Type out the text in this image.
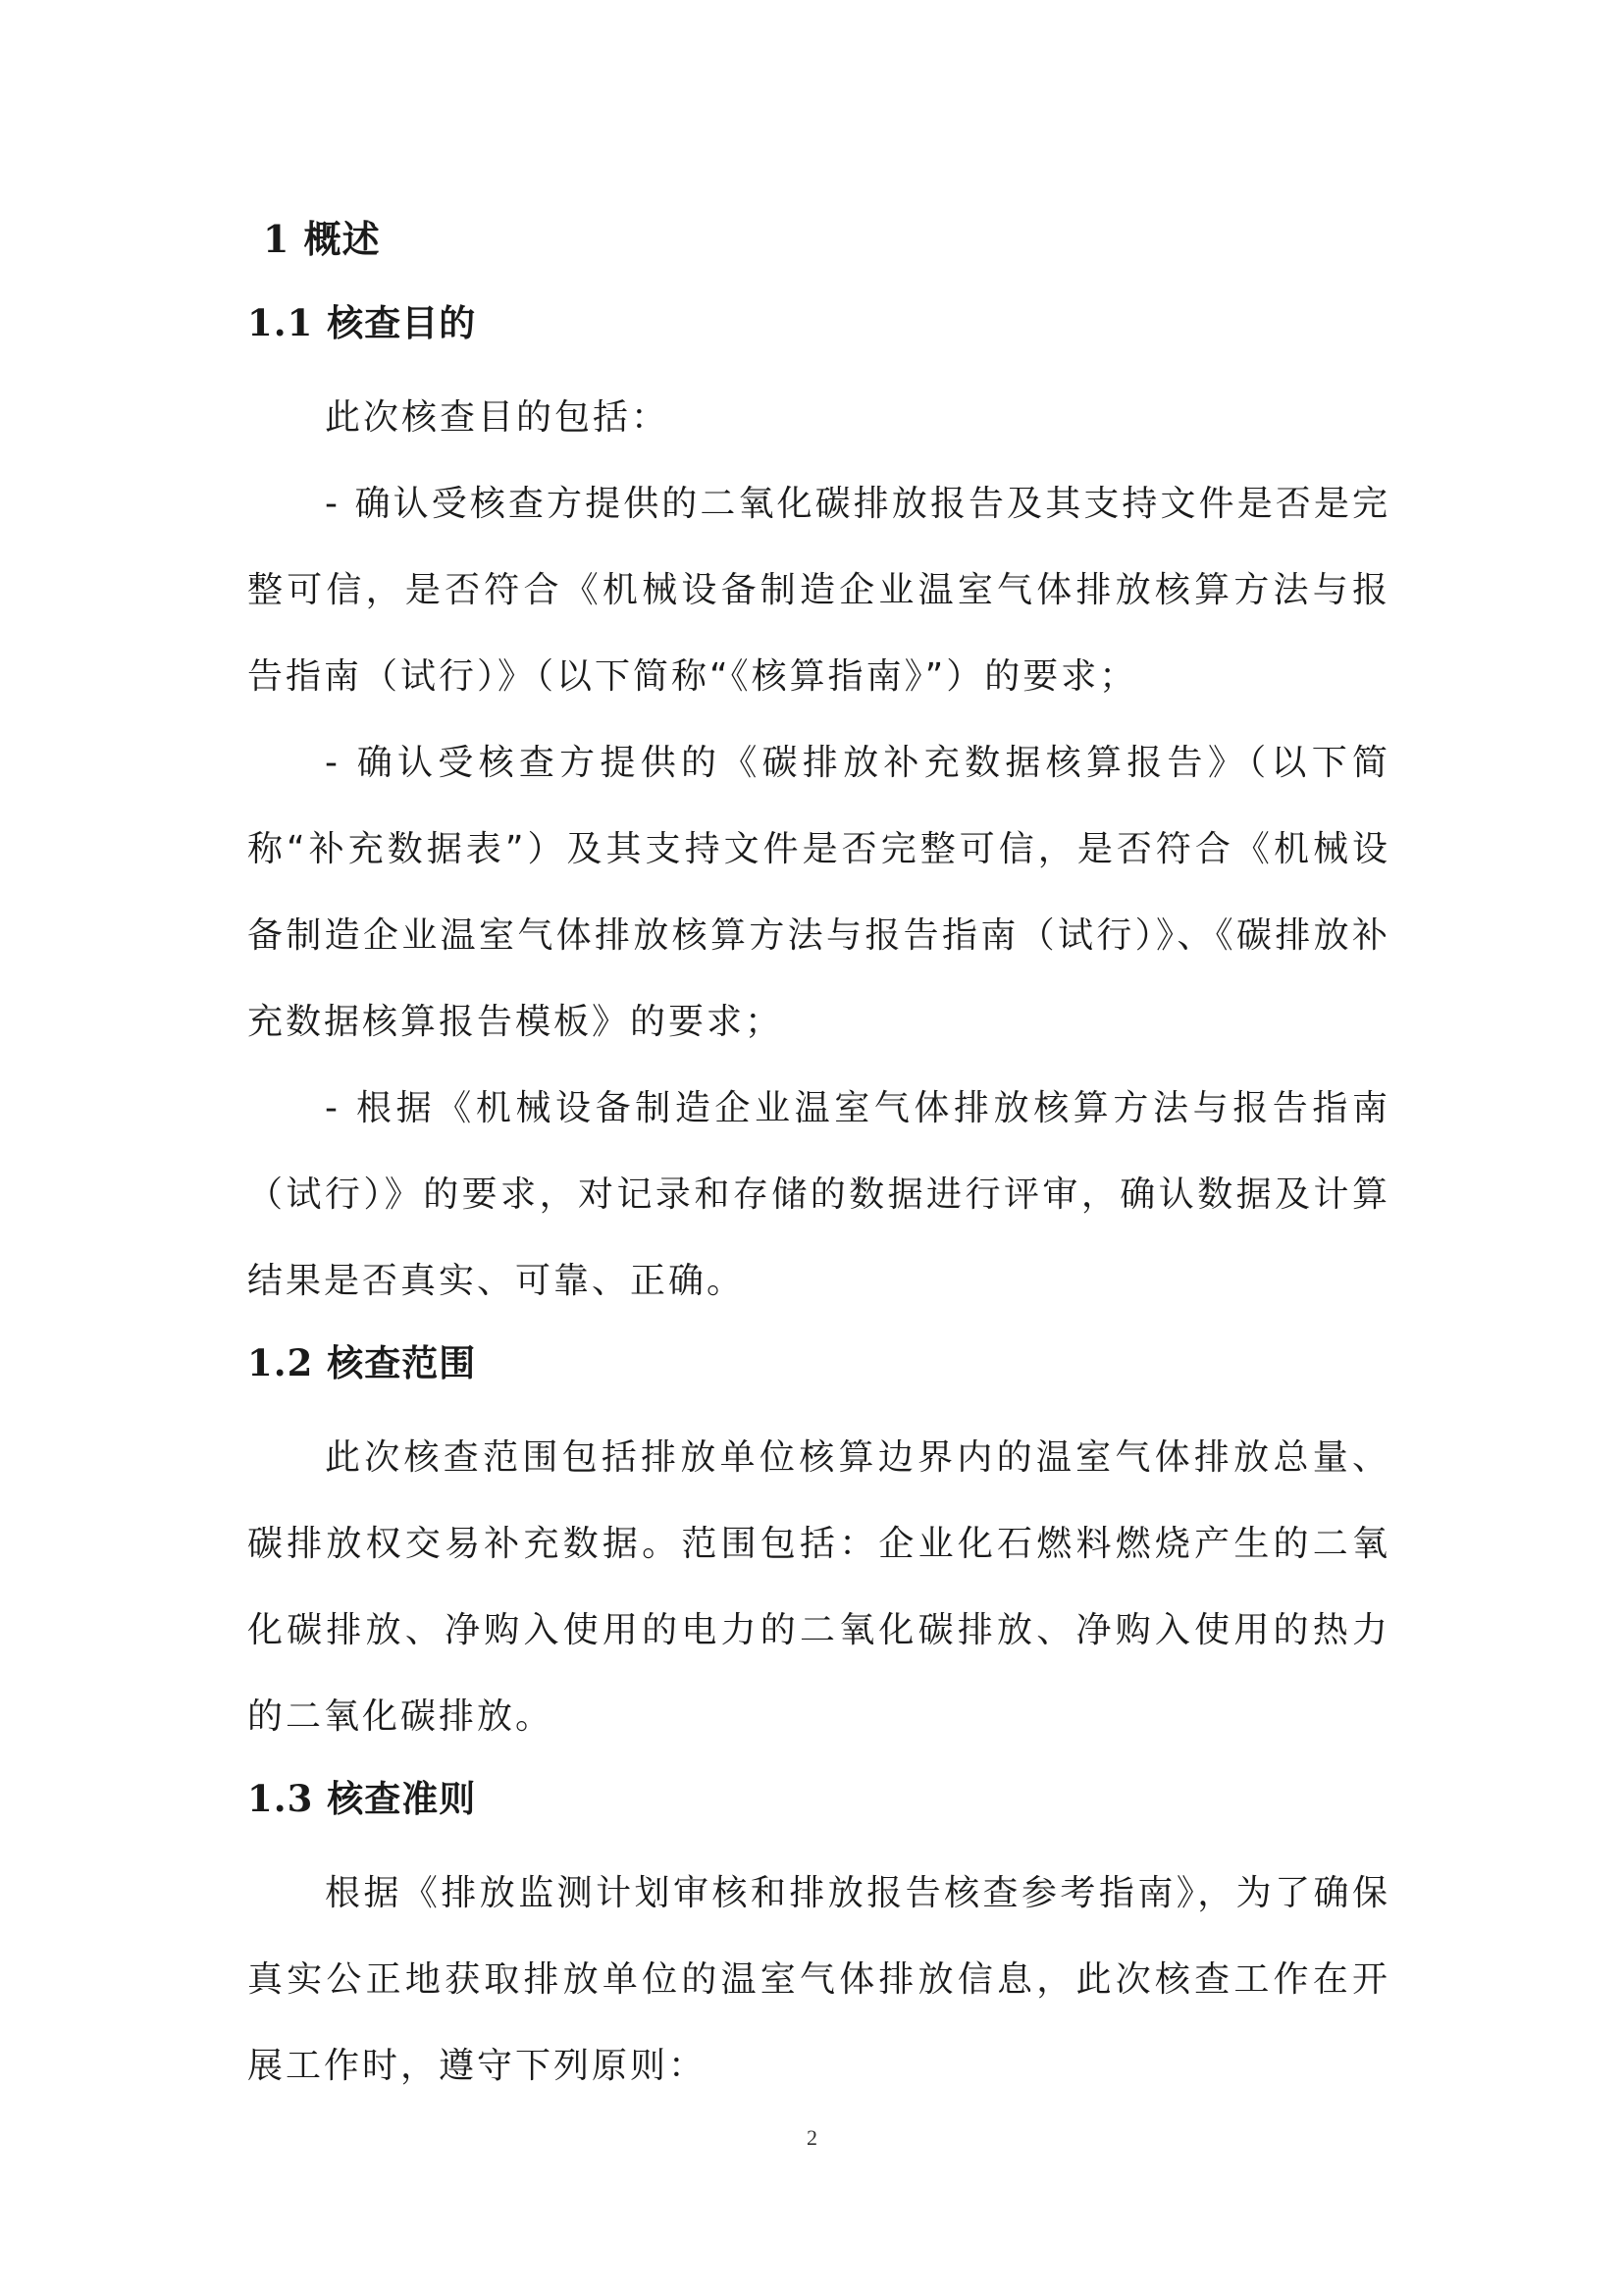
1 概述
1.1 核查目的

此次核查目的包括：

- 确认受核查方提供的二氧化碳排放报告及其支持文件是否是完整可信，是否符合《机械设备制造企业温室气体排放核算方法与报告指南（试行）》（以下简称“《核算指南》”）的要求；

- 确认受核查方提供的《碳排放补充数据核算报告》（以下简称“补充数据表”）及其支持文件是否完整可信，是否符合《机械设备制造企业温室气体排放核算方法与报告指南（试行）》、《碳排放补充数据核算报告模板》的要求；

- 根据《机械设备制造企业温室气体排放核算方法与报告指南（试行）》的要求，对记录和存储的数据进行评审，确认数据及计算结果是否真实、可靠、正确。

1.2 核查范围

此次核查范围包括排放单位核算边界内的温室气体排放总量、碳排放权交易补充数据。范围包括：企业化石燃料燃烧产生的二氧化碳排放、净购入使用的电力的二氧化碳排放、净购入使用的热力的二氧化碳排放。

1.3 核查准则

根据《排放监测计划审核和排放报告核查参考指南》，为了确保真实公正地获取排放单位的温室气体排放信息，此次核查工作在开展工作时，遵守下列原则：

2
